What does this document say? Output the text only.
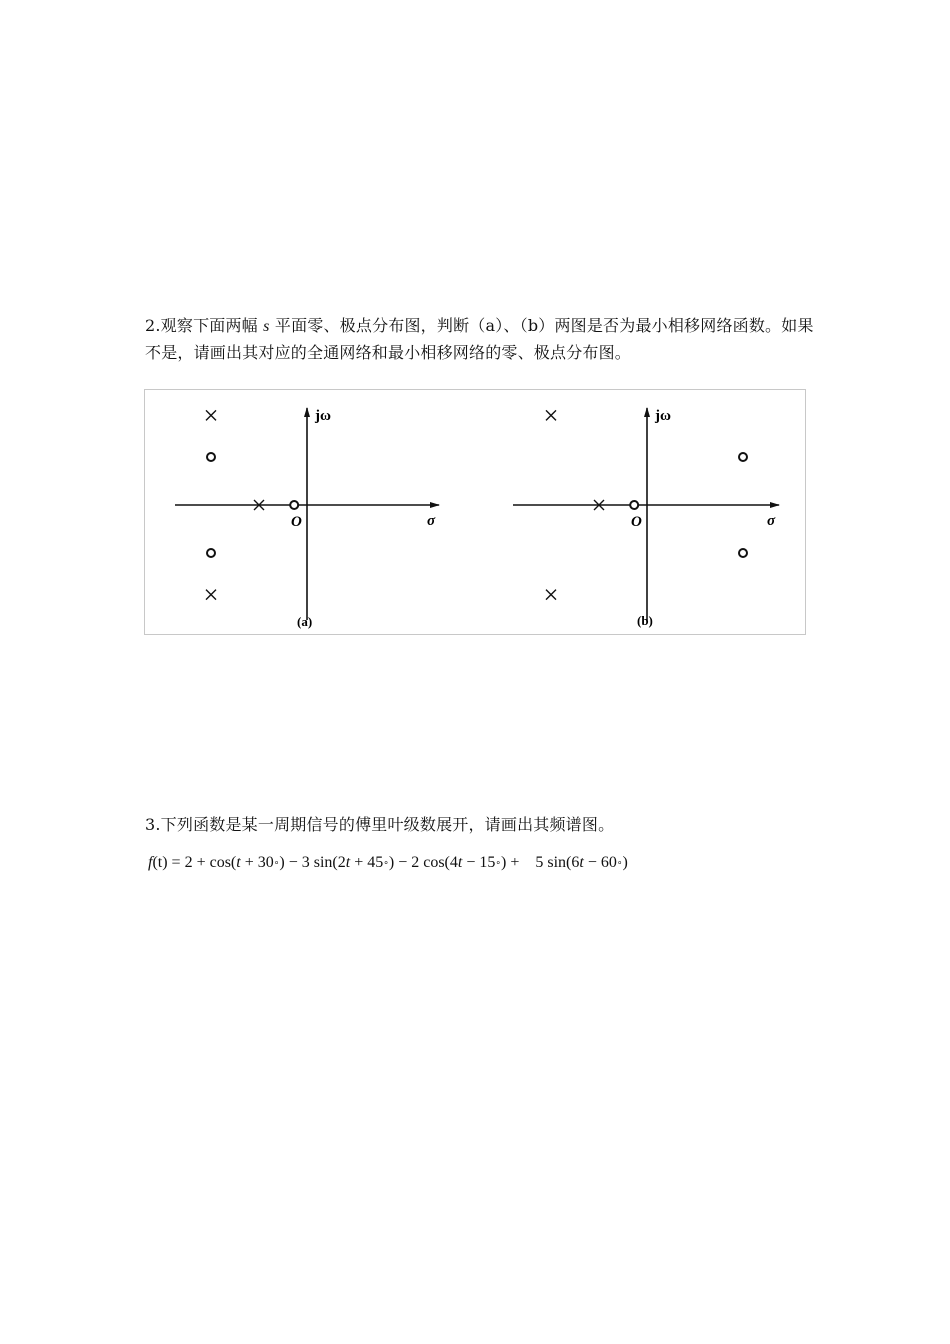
2.观察下面两幅 s 平面零、极点分布图，判断（a）、（b）两图是否为最小相移网络函数。如果不是，请画出其对应的全通网络和最小相移网络的零、极点分布图。
jω
σ
O
(a)
jω
σ
O
(b)
3.下列函数是某一周期信号的傅里叶级数展开，请画出其频谱图。
f(t) = 2 + cos(t + 30∘) − 3 sin(2t + 45∘) − 2 cos(4t − 15∘) +    5 sin(6t − 60∘)
